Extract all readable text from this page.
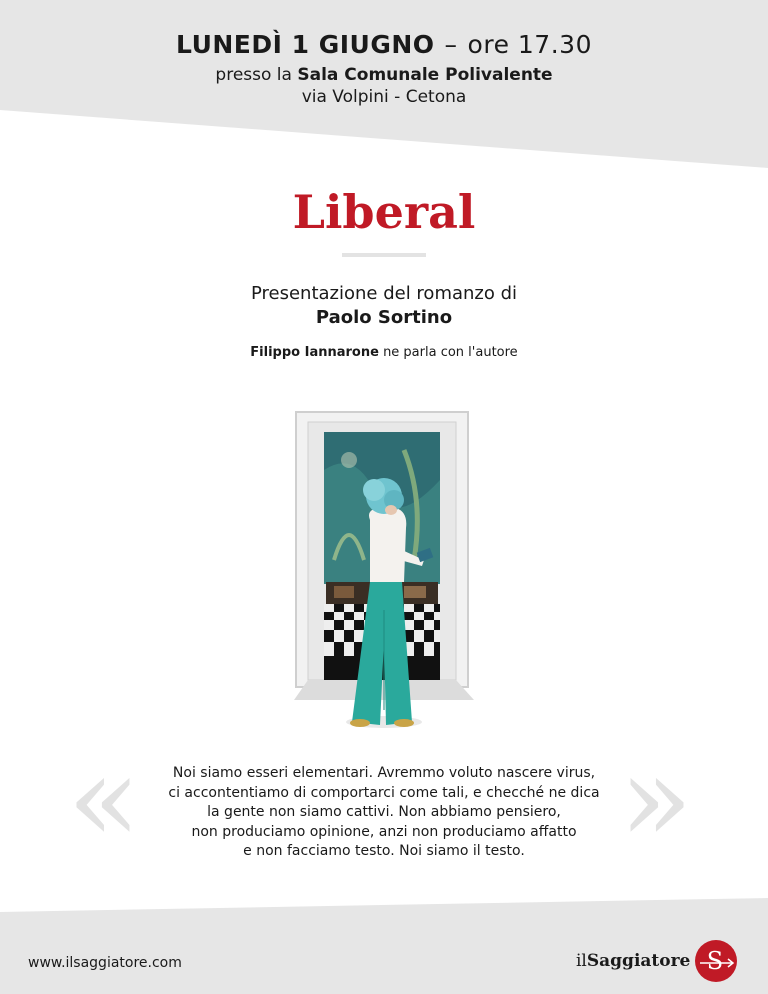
LUNEDÌ 1 GIUGNO – ore 17.30
presso la Sala Comunale Polivalente
via Volpini - Cetona
Liberal
Presentazione del romanzo di
Paolo Sortino
Filippo Iannarone ne parla con l'autore
«	Noi siamo esseri elementari. Avremmo voluto nascere virus,
ci accontentiamo di comportarci come tali, e checché ne dica
la gente non siamo cattivi. Non abbiamo pensiero,
non produciamo opinione, anzi non produciamo affatto
e non facciamo testo. Noi siamo il testo. »
www.ilsaggiatore.com	ilSaggiatore S
